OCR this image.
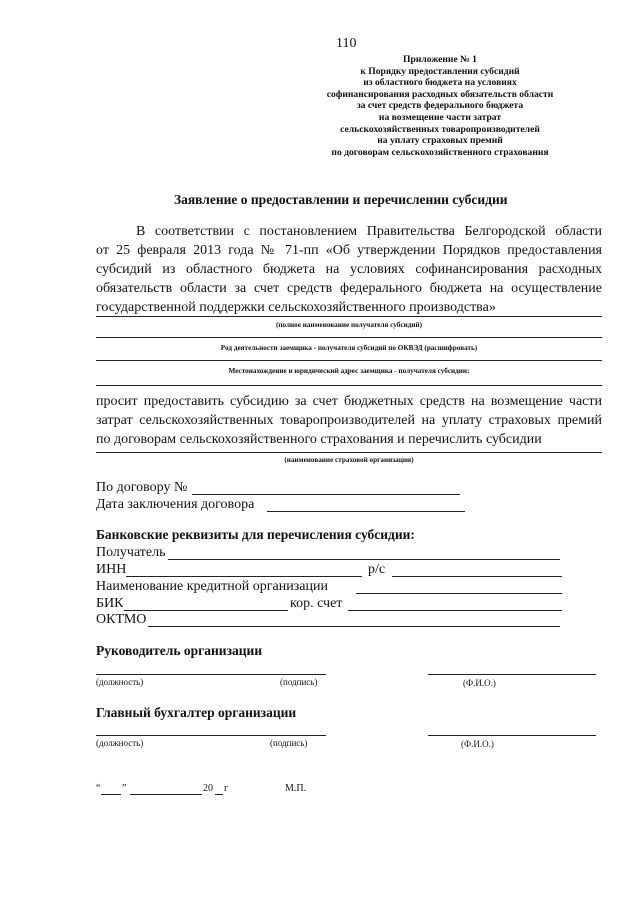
110
Приложение № 1
к Порядку предоставления субсидий
из областного бюджета на условиях
софинансирования расходных обязательств области
за счет средств федерального бюджета
на возмещение части затрат
сельскохозяйственных товаропроизводителей
на уплату страховых премий
по договорам сельскохозяйственного страхования
Заявление о предоставлении и перечислении субсидии
В соответствии с постановлением Правительства Белгородской области
от 25 февраля 2013 года № 71-пп «Об утверждении Порядков предоставления
субсидий из областного бюджета на условиях софинансирования расходных
обязательств области за счет средств федерального бюджета на осуществление
государственной поддержки сельскохозяйственного производства»
(полное наименование получателя субсидий)
Род деятельности заемщика - получателя субсидий по ОКВЭД (расшифровать)
Местонахождение и юридический адрес заемщика - получателя субсидии:
просит предоставить субсидию за счет бюджетных средств на возмещение части
затрат сельскохозяйственных товаропроизводителей на уплату страховых премий
по договорам сельскохозяйственного страхования и перечислить субсидии
(наименование страховой организации)
По договору №
Дата заключения договора
Банковские реквизиты для перечисления субсидии:
Получатель
ИНН	р/с
Наименование кредитной организации
БИК	кор. счет
ОКТМО
Руководитель организации
(должность)	(подпись)	(Ф.И.О.)
Главный бухгалтер организации
(должность)	(подпись)	(Ф.И.О.)
“ ”	20 г	М.П.
